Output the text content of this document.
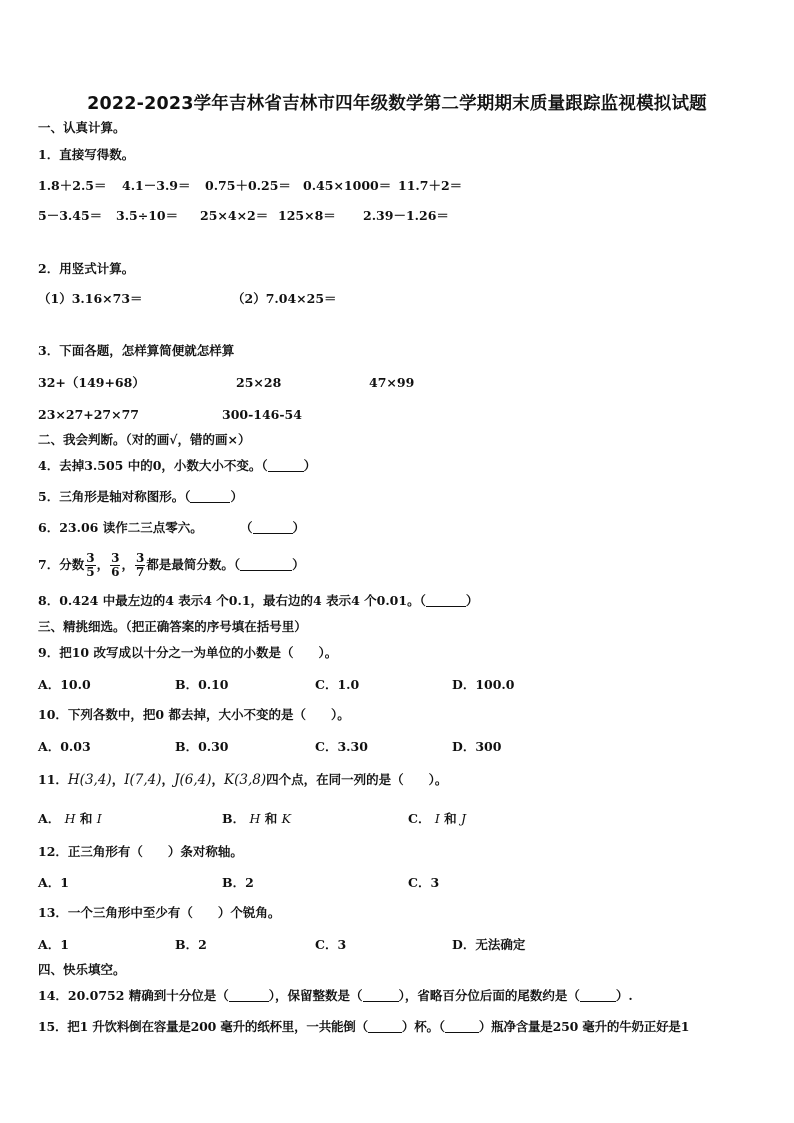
2022-2023学年吉林省吉林市四年级数学第二学期期末质量跟踪监视模拟试题
一、认真计算。
1．直接写得数。
1.8＋2.5＝ 4.1－3.9＝ 0.75＋0.25＝ 0.45×1000＝ 11.7＋2＝
5－3.45＝ 3.5÷10＝ 25×4×2＝ 125×8＝ 2.39－1.26＝
2．用竖式计算。
（1）3.16×73＝	（2）7.04×25＝
3．下面各题，怎样算简便就怎样算
32+（149+68）	25×28	47×99
23×27+27×77	300-146-54
二、我会判断。（对的画√，错的画×）
4．去掉3.505 中的0，小数大小不变。（	）
5．三角形是轴对称图形。（	）
6．23.06 读作二三点零六。	（	）
7．分数 $\frac{3}{5}$ ， $\frac{3}{6}$ ， $\frac{3}{7}$ 都是最简分数。（	）
8．0.424 中最左边的4 表示4 个0.1，最右边的4 表示4 个0.01。（	）
三、精挑细选。（把正确答案的序号填在括号里）
9．把10 改写成以十分之一为单位的小数是（　　）。
A．10.0	B．0.10	C．1.0	D．100.0
10．下列各数中，把0 都去掉，大小不变的是（　　）。
A．0.03	B．0.30	C．3.30	D．300
11．H(3,4)，I(7,4)，J(6,4)，K(3,8)四个点，在同一列的是（　　）。
A． H 和 I	B． H 和 K	C． I 和 J
12．正三角形有（　　）条对称轴。
A．1	B．2	C．3
13．一个三角形中至少有（　　）个锐角。
A．1	B．2	C．3	D．无法确定
四、快乐填空。
14．20.0752 精确到十分位是（	），保留整数是（	），省略百分位后面的尾数约是（	）.
15．把1 升饮料倒在容量是200 毫升的纸杯里，一共能倒（	）杯。（	）瓶净含量是250 毫升的牛奶正好是1
